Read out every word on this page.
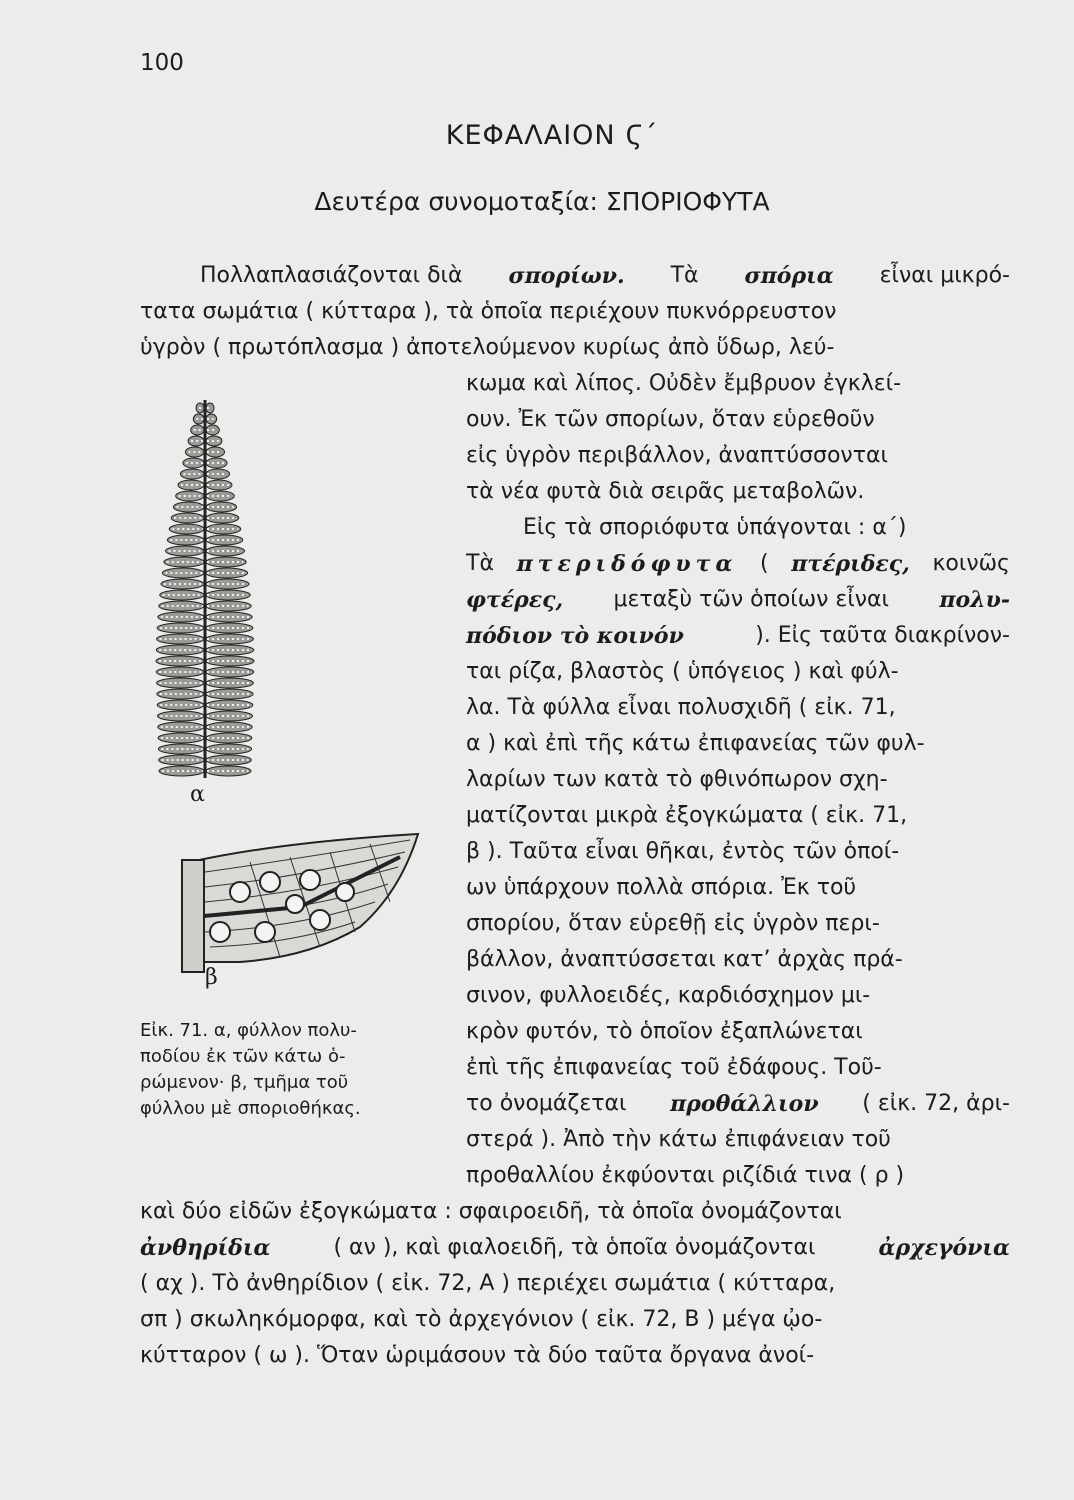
100
ΚΕΦΑΛΑΙΟΝ Ϛ΄
Δευτέρα συνομοταξία: ΣΠΟΡΙΟΦΥΤΑ
α
β
Εἰκ. 71. α, φύλλον πολυ-
ποδίου ἐκ τῶν κάτω ὁ-
ρώμενον· β, τμῆμα τοῦ
φύλλου μὲ σποριοθήκας.
Πολλαπλασιάζονται διὰ σπορίων. Τὰ σπόρια εἶναι μικρό-
τατα σωμάτια ( κύτταρα ), τὰ ὁποῖα περιέχουν πυκνόρρευστον
ὑγρὸν ( πρωτόπλασμα ) ἀποτελούμενον κυρίως ἀπὸ ὕδωρ, λεύ-
κωμα καὶ λίπος. Οὐδὲν ἔμβρυον ἐγκλεί-
ουν. Ἐκ τῶν σπορίων, ὅταν εὑρεθοῦν
εἰς ὑγρὸν περιβάλλον, ἀναπτύσσονται
τὰ νέα φυτὰ διὰ σειρᾶς μεταβολῶν.
Εἰς τὰ σποριόφυτα ὑπάγονται : α΄)
Τὰ πτεριδόφυτα ( πτέριδες, κοινῶς
φτέρες, μεταξὺ τῶν ὁποίων εἶναι πολυ-
πόδιον τὸ κοινόν	). Εἰς ταῦτα διακρίνον-
ται ρίζα, βλαστὸς ( ὑπόγειος ) καὶ φύλ-
λα. Τὰ φύλλα εἶναι πολυσχιδῆ ( εἰκ. 71,
α ) καὶ ἐπὶ τῆς κάτω ἐπιφανείας τῶν φυλ-
λαρίων των κατὰ τὸ φθινόπωρον σχη-
ματίζονται μικρὰ ἐξογκώματα ( εἰκ. 71,
β ). Ταῦτα εἶναι θῆκαι, ἐντὸς τῶν ὁποί-
ων ὑπάρχουν πολλὰ σπόρια. Ἐκ τοῦ
σπορίου, ὅταν εὑρεθῇ εἰς ὑγρὸν περι-
βάλλον, ἀναπτύσσεται κατ’ ἀρχὰς πρά-
σινον, φυλλοειδές, καρδιόσχημον μι-
κρὸν φυτόν, τὸ ὁποῖον ἐξαπλώνεται
ἐπὶ τῆς ἐπιφανείας τοῦ ἐδάφους. Τοῦ-
το ὀνομάζεται προθάλλιον ( εἰκ. 72, ἀρι-
στερά ). Ἀπὸ τὴν κάτω ἐπιφάνειαν τοῦ
προθαλλίου ἐκφύονται ριζίδιά τινα ( ρ )
καὶ δύο εἰδῶν ἐξογκώματα : σφαιροειδῆ, τὰ ὁποῖα ὀνομάζονται
ἀνθηρίδια	( αν ), καὶ φιαλοειδῆ, τὰ ὁποῖα ὀνομάζονται	ἀρχεγόνια
( αχ ). Τὸ ἀνθηρίδιον ( εἰκ. 72, Α ) περιέχει σωμάτια ( κύτταρα,
σπ ) σκωληκόμορφα, καὶ τὸ ἀρχεγόνιον ( εἰκ. 72, Β ) μέγα ᾠο-
κύτταρον ( ω ). Ὅταν ὡριμάσουν τὰ δύο ταῦτα ὄργανα ἀνοί-
